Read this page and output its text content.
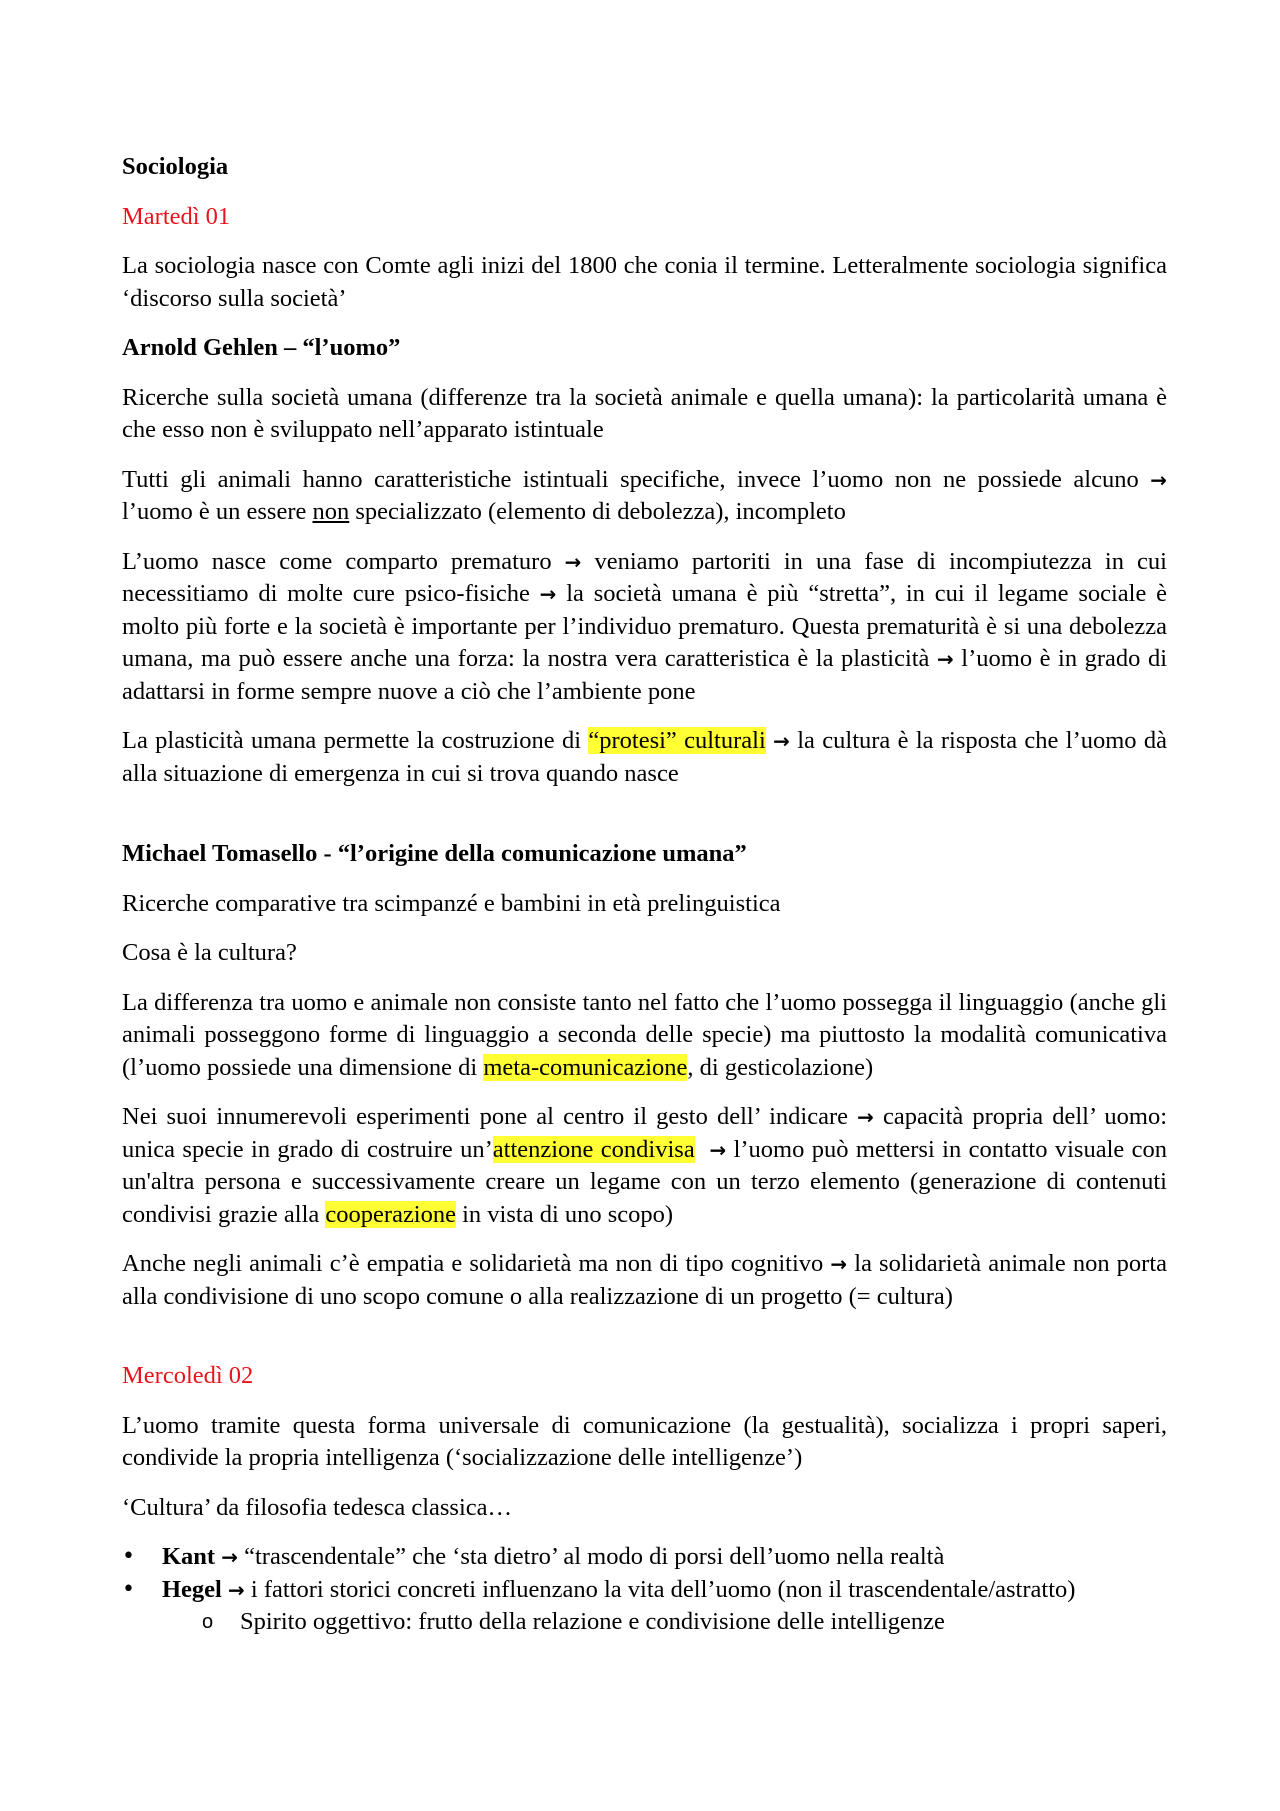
Sociologia

Martedì 01

La sociologia nasce con Comte agli inizi del 1800 che conia il termine. Letteralmente sociologia significa ‘discorso sulla società’

Arnold Gehlen – “l’uomo”

Ricerche sulla società umana (differenze tra la società animale e quella umana): la particolarità umana è che esso non è sviluppato nell’apparato istintuale

Tutti gli animali hanno caratteristiche istintuali specifiche, invece l’uomo non ne possiede alcuno → l’uomo è un essere non specializzato (elemento di debolezza), incompleto

L’uomo nasce come comparto prematuro → veniamo partoriti in una fase di incompiutezza in cui necessitiamo di molte cure psico-fisiche → la società umana è più “stretta”, in cui il legame sociale è molto più forte e la società è importante per l’individuo prematuro. Questa prematurità è si una debolezza umana, ma può essere anche una forza: la nostra vera caratteristica è la plasticità → l’uomo è in grado di adattarsi in forme sempre nuove a ciò che l’ambiente pone

La plasticità umana permette la costruzione di “protesi” culturali → la cultura è la risposta che l’uomo dà alla situazione di emergenza in cui si trova quando nasce

Michael Tomasello - “l’origine della comunicazione umana”

Ricerche comparative tra scimpanzé e bambini in età prelinguistica

Cosa è la cultura?

La differenza tra uomo e animale non consiste tanto nel fatto che l’uomo possegga il linguaggio (anche gli animali posseggono forme di linguaggio a seconda delle specie) ma piuttosto la modalità comunicativa (l’uomo possiede una dimensione di meta-comunicazione, di gesticolazione)

Nei suoi innumerevoli esperimenti pone al centro il gesto dell’ indicare → capacità propria dell’ uomo: unica specie in grado di costruire un’attenzione condivisa → l’uomo può mettersi in contatto visuale con un'altra persona e successivamente creare un legame con un terzo elemento (generazione di contenuti condivisi grazie alla cooperazione in vista di uno scopo)

Anche negli animali c’è empatia e solidarietà ma non di tipo cognitivo → la solidarietà animale non porta alla condivisione di uno scopo comune o alla realizzazione di un progetto (= cultura)

Mercoledì 02

L’uomo tramite questa forma universale di comunicazione (la gestualità), socializza i propri saperi, condivide la propria intelligenza (‘socializzazione delle intelligenze’)

‘Cultura’ da filosofia tedesca classica…

• Kant → “trascendentale” che ‘sta dietro’ al modo di porsi dell’uomo nella realtà
• Hegel → i fattori storici concreti influenzano la vita dell’uomo (non il trascendentale/astratto)
o Spirito oggettivo: frutto della relazione e condivisione delle intelligenze
